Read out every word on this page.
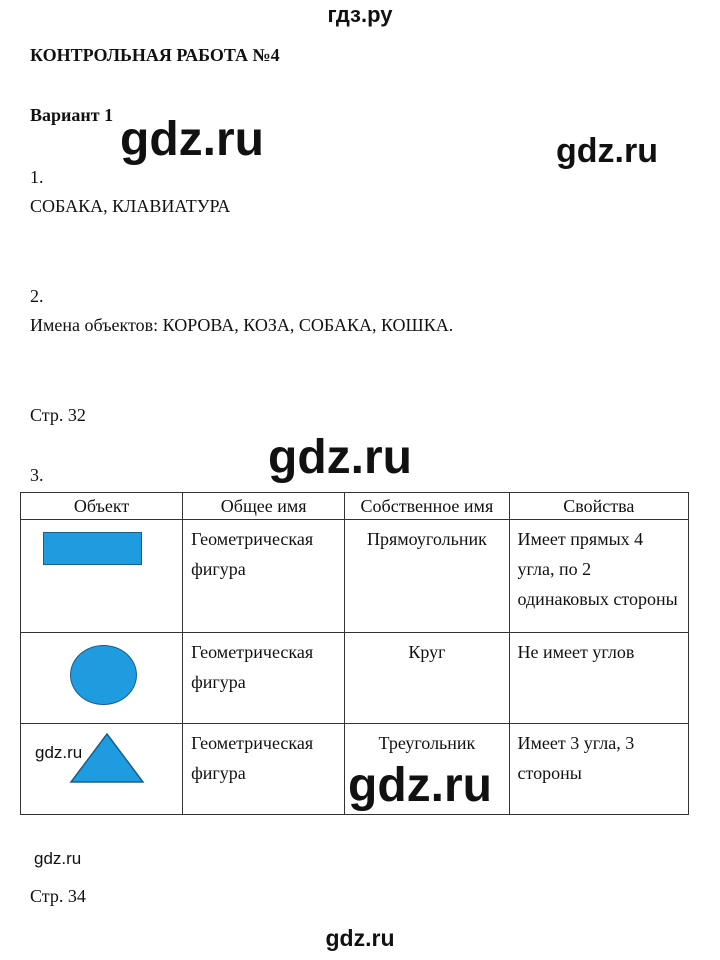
гдз.ру
КОНТРОЛЬНАЯ РАБОТА №4
Вариант 1 gdz.ru	gdz.ru
1.
СОБАКА, КЛАВИАТУРА
2.
Имена объектов: КОРОВА, КОЗА, СОБАКА, КОШКА.
Стр. 32
gdz.ru
3.
Объект	Общее имя	Собственное имя	Свойства

	Геометрическая фигура	Прямоугольник	Имеет прямых 4 угла, по 2 одинаковых стороны

	Геометрическая фигура	Круг	Не имеет углов

gdz.ru	Геометрическая фигура	Треугольник	Имеет 3 угла, 3 стороны
gdz.ru
gdz.ru
Стр. 34
gdz.ru
